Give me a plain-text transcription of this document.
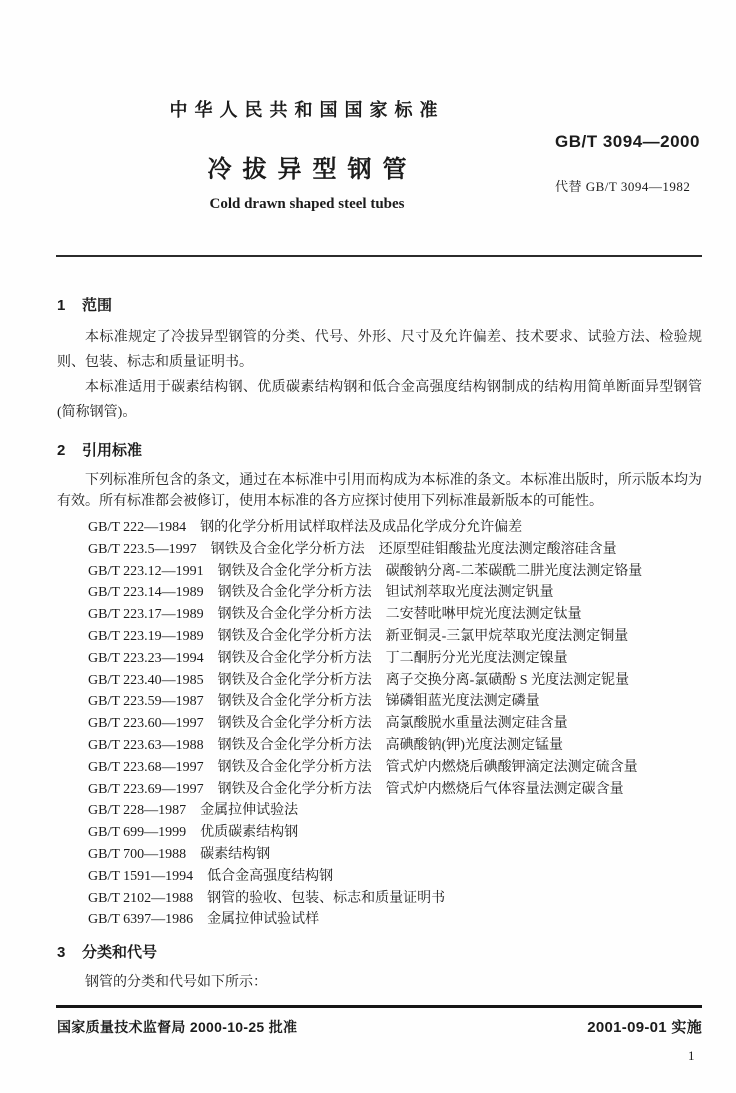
中华人民共和国国家标准
GB/T 3094—2000
冷拔异型钢管
代替 GB/T 3094—1982
Cold drawn shaped steel tubes
1 范围

本标准规定了冷拔异型钢管的分类、代号、外形、尺寸及允许偏差、技术要求、试验方法、检验规则、包装、标志和质量证明书。

本标准适用于碳素结构钢、优质碳素结构钢和低合金高强度结构钢制成的结构用简单断面异型钢管(简称钢管)。

2 引用标准

下列标准所包含的条文，通过在本标准中引用而构成为本标准的条文。本标准出版时，所示版本均为有效。所有标准都会被修订，使用本标准的各方应探讨使用下列标准最新版本的可能性。

GB/T 222—1984 钢的化学分析用试样取样法及成品化学成分允许偏差
GB/T 223.5—1997 钢铁及合金化学分析方法　还原型硅钼酸盐光度法测定酸溶硅含量
GB/T 223.12—1991 钢铁及合金化学分析方法　碳酸钠分离-二苯碳酰二肼光度法测定铬量
GB/T 223.14—1989 钢铁及合金化学分析方法　钽试剂萃取光度法测定钒量
GB/T 223.17—1989 钢铁及合金化学分析方法　二安替吡啉甲烷光度法测定钛量
GB/T 223.19—1989 钢铁及合金化学分析方法　新亚铜灵-三氯甲烷萃取光度法测定铜量
GB/T 223.23—1994 钢铁及合金化学分析方法　丁二酮肟分光光度法测定镍量
GB/T 223.40—1985 钢铁及合金化学分析方法　离子交换分离-氯磺酚 S 光度法测定铌量
GB/T 223.59—1987 钢铁及合金化学分析方法　锑磷钼蓝光度法测定磷量
GB/T 223.60—1997 钢铁及合金化学分析方法　高氯酸脱水重量法测定硅含量
GB/T 223.63—1988 钢铁及合金化学分析方法　高碘酸钠(钾)光度法测定锰量
GB/T 223.68—1997 钢铁及合金化学分析方法　管式炉内燃烧后碘酸钾滴定法测定硫含量
GB/T 223.69—1997 钢铁及合金化学分析方法　管式炉内燃烧后气体容量法测定碳含量
GB/T 228—1987 金属拉伸试验法
GB/T 699—1999 优质碳素结构钢
GB/T 700—1988 碳素结构钢
GB/T 1591—1994 低合金高强度结构钢
GB/T 2102—1988 钢管的验收、包装、标志和质量证明书
GB/T 6397—1986 金属拉伸试验试样
3 分类和代号

钢管的分类和代号如下所示：

国家质量技术监督局 2000-10-25 批准	2001-09-01 实施
1
